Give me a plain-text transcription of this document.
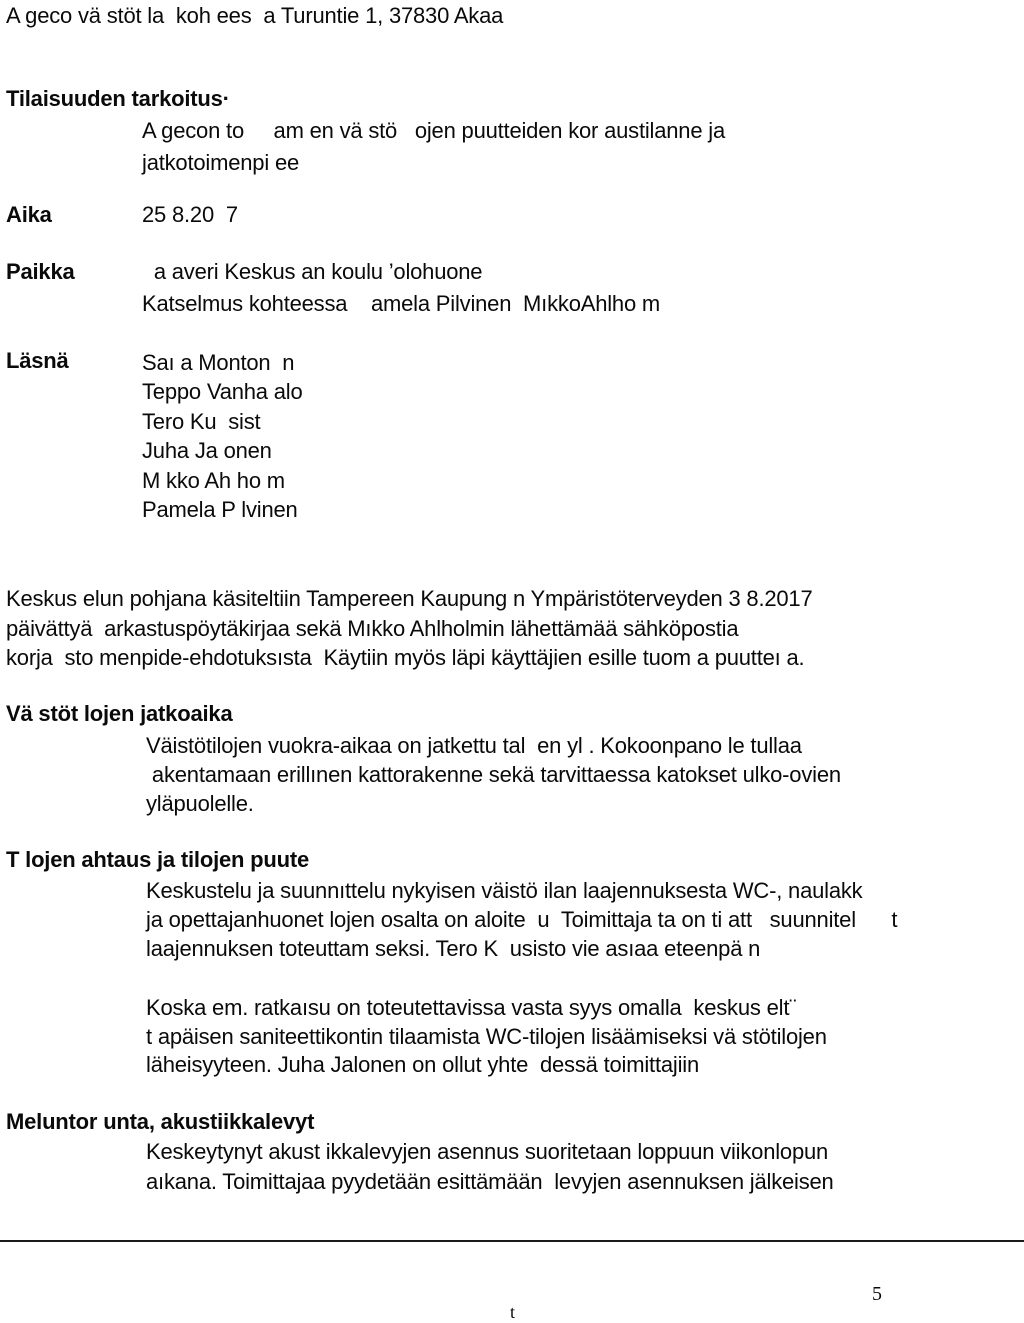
A geco vä stöt la  koh ees  a Turuntie 1, 37830 Akaa
Tilaisuuden tarkoitus·
A gecon to     am en vä stö   ojen puutteiden kor austilanne ja
jatkotoimenpi ee
Aika	25 8.20  7
Paikka	a averi Keskus an koulu ’olohuone
Katselmus kohteessa    amela Pilvinen  MıkkoAhlho m
Läsnä	Saı a Monton  n
Teppo Vanha alo
Tero Ku  sist
Juha Ja onen
M kko Ah ho m
Pamela P lvinen
Keskus elun pohjana käsiteltiin Tampereen Kaupung n Ympäristöterveyden 3 8.2017
päivättyä  arkastuspöytäkirjaa sekä Mıkko Ahlholmin lähettämää sähköpostia
korja  sto menpide-ehdotuksısta  Käytiin myös läpi käyttäjien esille tuom a puutteı a.
Vä stöt lojen jatkoaika
Väistötilojen vuokra-aikaa on jatkettu tal  en yl . Kokoonpano le tullaa
akentamaan erillınen kattorakenne sekä tarvittaessa katokset ulko-ovien
yläpuolelle.
T lojen ahtaus ja tilojen puute
Keskustelu ja suunnıttelu nykyisen väistö ilan laajennuksesta WC-, naulakk
ja opettajanhuonet lojen osalta on aloite  u  Toimittaja ta on ti att   suunnitel      t
laajennuksen toteuttam seksi. Tero K  usisto vie asıaa eteenpä n
Koska em. ratkaısu on toteutettavissa vasta syys omalla  keskus elt¨
t apäisen saniteettikontin tilaamista WC-tilojen lisäämiseksi vä stötilojen
läheisyyteen. Juha Jalonen on ollut yhte  dessä toimittajiin
Meluntor unta, akustiikkalevyt
Keskeytynyt akust ikkalevyjen asennus suoritetaan loppuun viikonlopun
aıkana. Toimittajaa pyydetään esittämään  levyjen asennuksen jälkeisen
5
t
